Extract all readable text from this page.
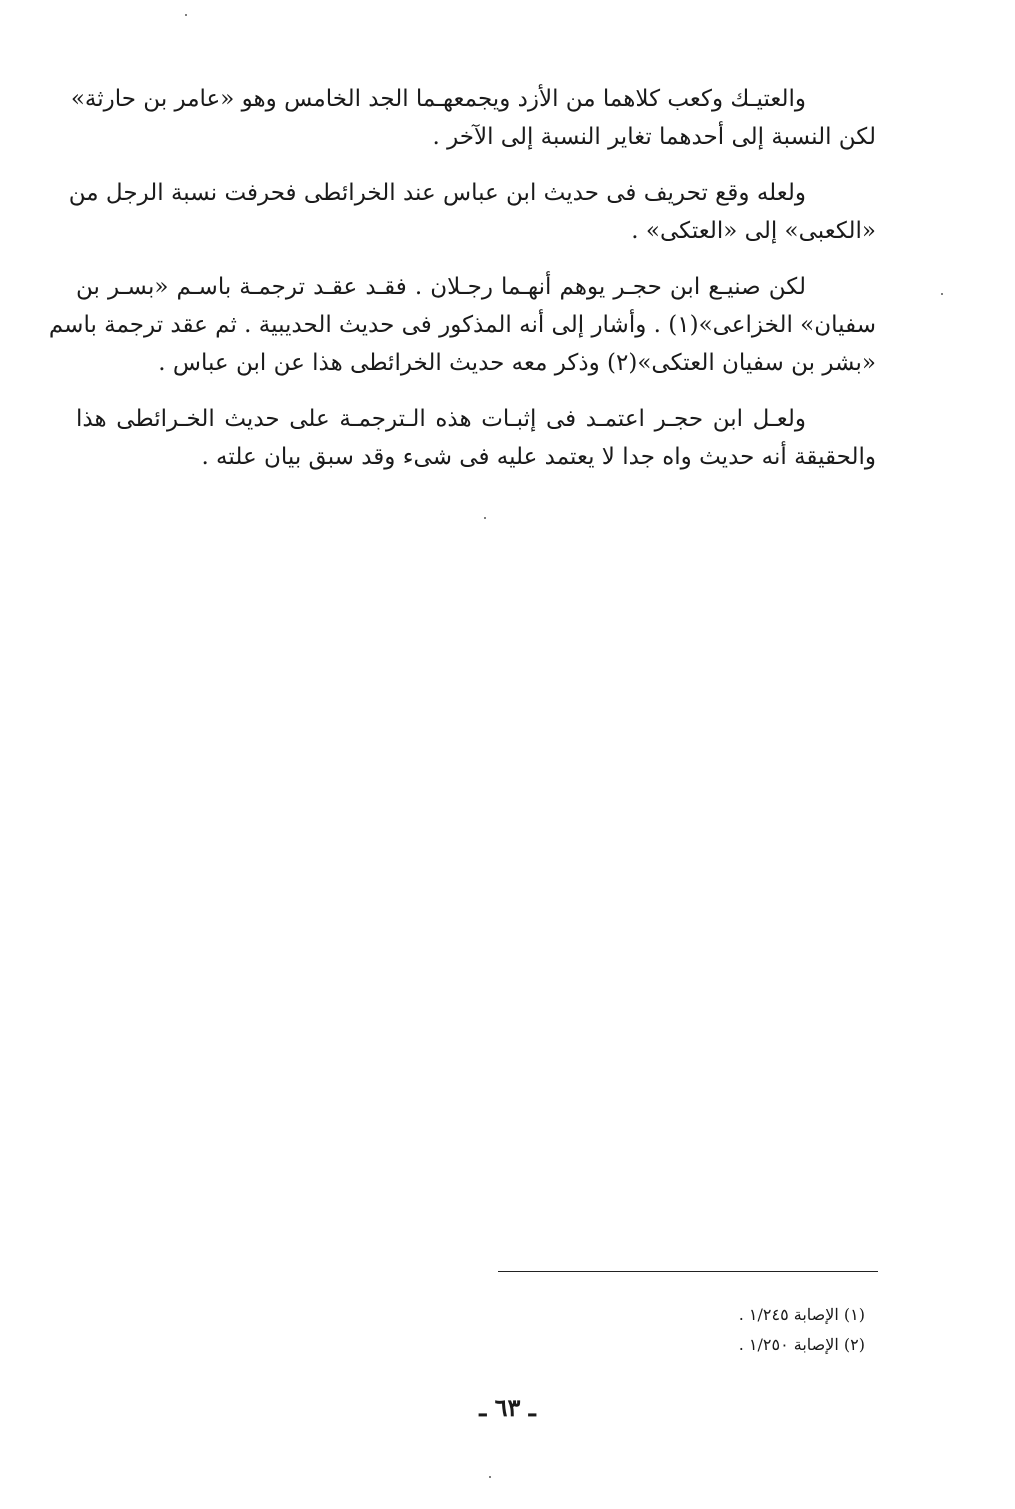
والعتيـك وكعب كلاهما من الأزد ويجمعهـما الجد الخامس وهو «عامر بن حارثة»
لكن النسبة إلى أحدهما تغاير النسبة إلى الآخر .

ولعله وقع تحريف فى حديث ابن عباس عند الخرائطى فحرفت نسبة الرجل من
«الكعبى» إلى «العتكى» .

لكن صنيـع ابن حجـر يوهم أنهـما رجـلان . فقـد عقـد ترجمـة باسـم «بسـر بن
سفيان» الخزاعى»(١) . وأشار إلى أنه المذكور فى حديث الحديبية . ثم عقد ترجمة باسم
«بشر بن سفيان العتكى»(٢) وذكر معه حديث الخرائطى هذا عن ابن عباس .

ولعـل ابن حجـر اعتمـد فى إثبـات هذه الـترجمـة على حديث الخـرائطى هذا
والحقيقة أنه حديث واه جدا لا يعتمد عليه فى شىء وقد سبق بيان علته .

(١) الإصابة ١/٢٤٥ .
(٢) الإصابة ١/٢٥٠ .
ـ ٦٣ ـ
